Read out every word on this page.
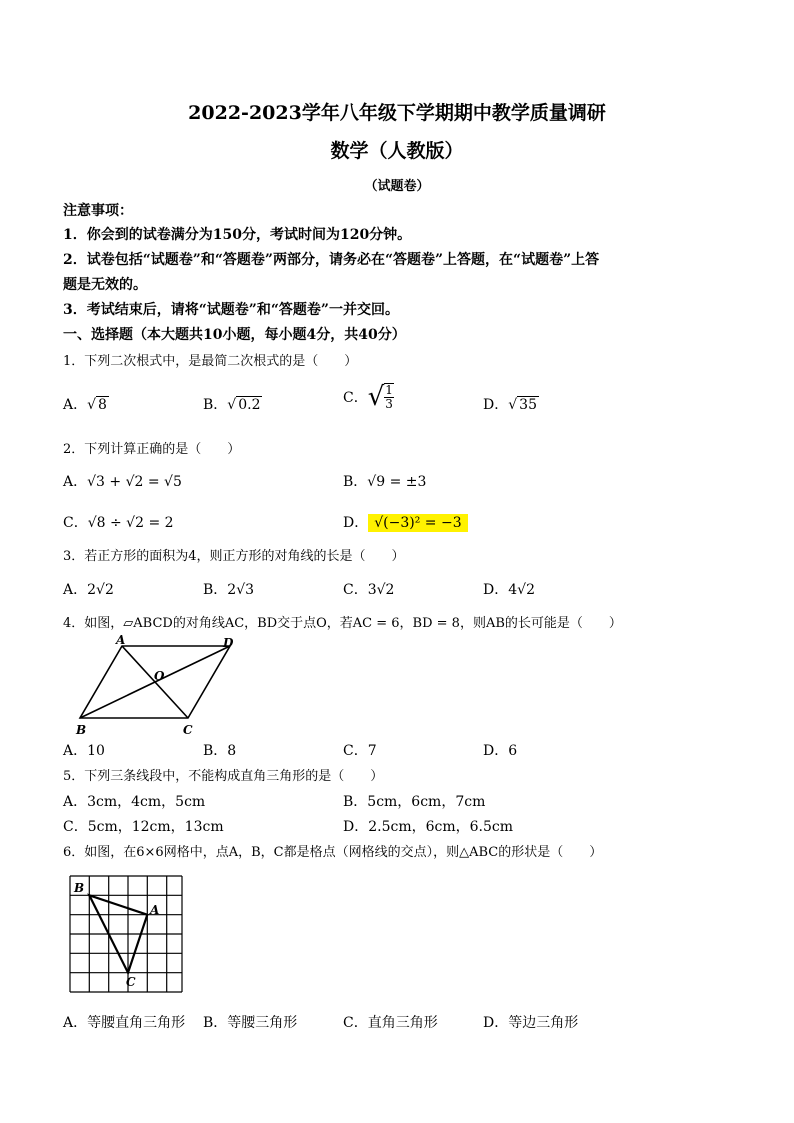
2022-2023学年八年级下学期期中教学质量调研
数学（人教版）
（试题卷）
注意事项：
1．你会到的试卷满分为150分，考试时间为120分钟。
2．试卷包括“试题卷”和“答题卷”两部分，请务必在“答题卷”上答题，在“试题卷”上答
题是无效的。
3．考试结束后，请将“试题卷”和“答题卷”一并交回。
一、选择题（本大题共10小题，每小题4分，共40分）
1．下列二次根式中，是最简二次根式的是（　　）
A．√ 8	B．√ 0.2	C．√ $\frac{1}{3}$	D．√ 35
2．下列计算正确的是（　　）
A．√3 + √2 = √5	B．√9 = ±3
C．√8 ÷ √2 = 2	D． √(−3)² = −3
3．若正方形的面积为4，则正方形的对角线的长是（　　）
A．2√2	B．2√3	C．3√2	D．4√2
4．如图，▱ABCD的对角线AC，BD交于点O，若AC = 6，BD = 8，则AB的长可能是（　　）
A	D
O
B	C
A．10	B．8	C．7	D．6
5．下列三条线段中，不能构成直角三角形的是（　　）
A．3cm，4cm，5cm	B．5cm，6cm，7cm
C．5cm，12cm，13cm	D．2.5cm，6cm，6.5cm
6．如图，在6×6网格中，点A，B，C都是格点（网格线的交点），则△ABC的形状是（　　）
B
A
C
A．等腰直角三角形 B．等腰三角形	C．直角三角形	D．等边三角形
